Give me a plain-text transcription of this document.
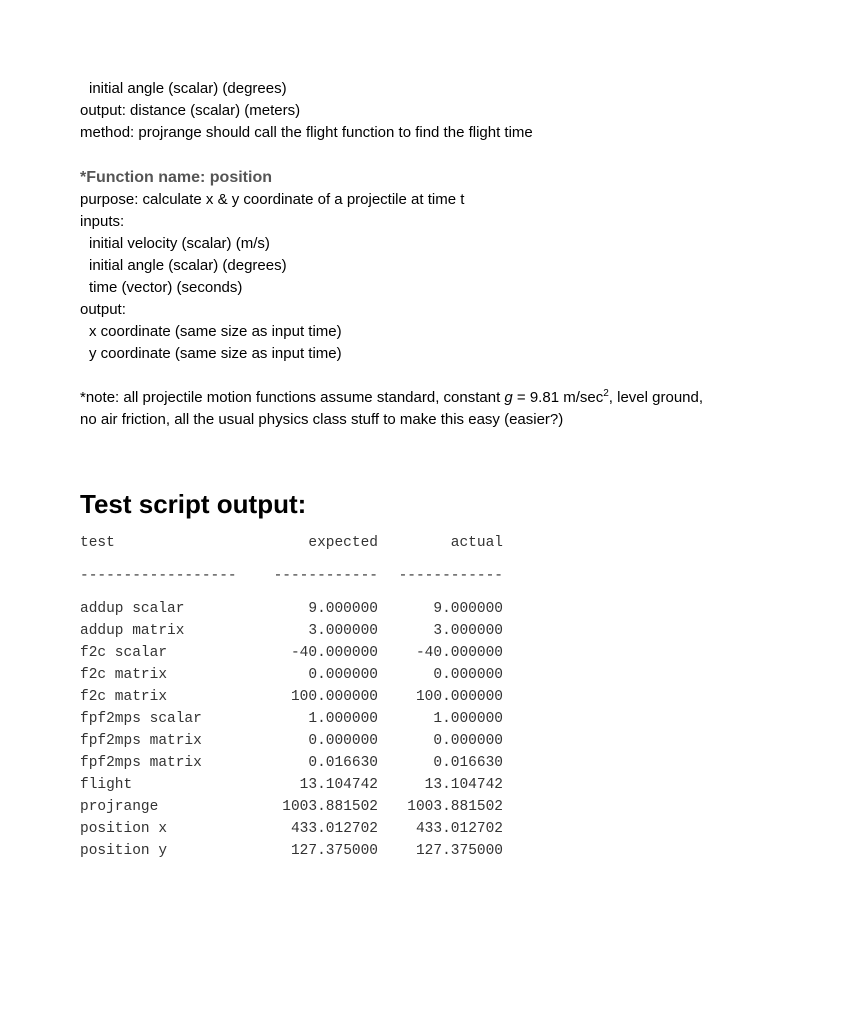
initial angle (scalar) (degrees)
output: distance (scalar) (meters)
method: projrange should call the flight function to find the flight time
*Function name: position
purpose: calculate x & y coordinate of a projectile at time t
inputs:
initial velocity (scalar) (m/s)
initial angle (scalar) (degrees)
time (vector) (seconds)
output:
x coordinate (same size as input time)
y coordinate (same size as input time)
*note: all projectile motion functions assume standard, constant g = 9.81 $m/\sec^2$, level ground,
no air friction, all the usual physics class stuff to make this easy (easier?)
Test script output:
test	expected	actual

------------------	------------	------------

addup scalar	9.000000	9.000000
addup matrix	3.000000	3.000000
f2c scalar	-40.000000	-40.000000
f2c matrix	0.000000	0.000000
f2c matrix	100.000000	100.000000
fpf2mps scalar	1.000000	1.000000
fpf2mps matrix	0.000000	0.000000
fpf2mps matrix	0.016630	0.016630
flight	13.104742	13.104742
projrange	1003.881502	1003.881502
position x	433.012702	433.012702
position y	127.375000	127.375000
